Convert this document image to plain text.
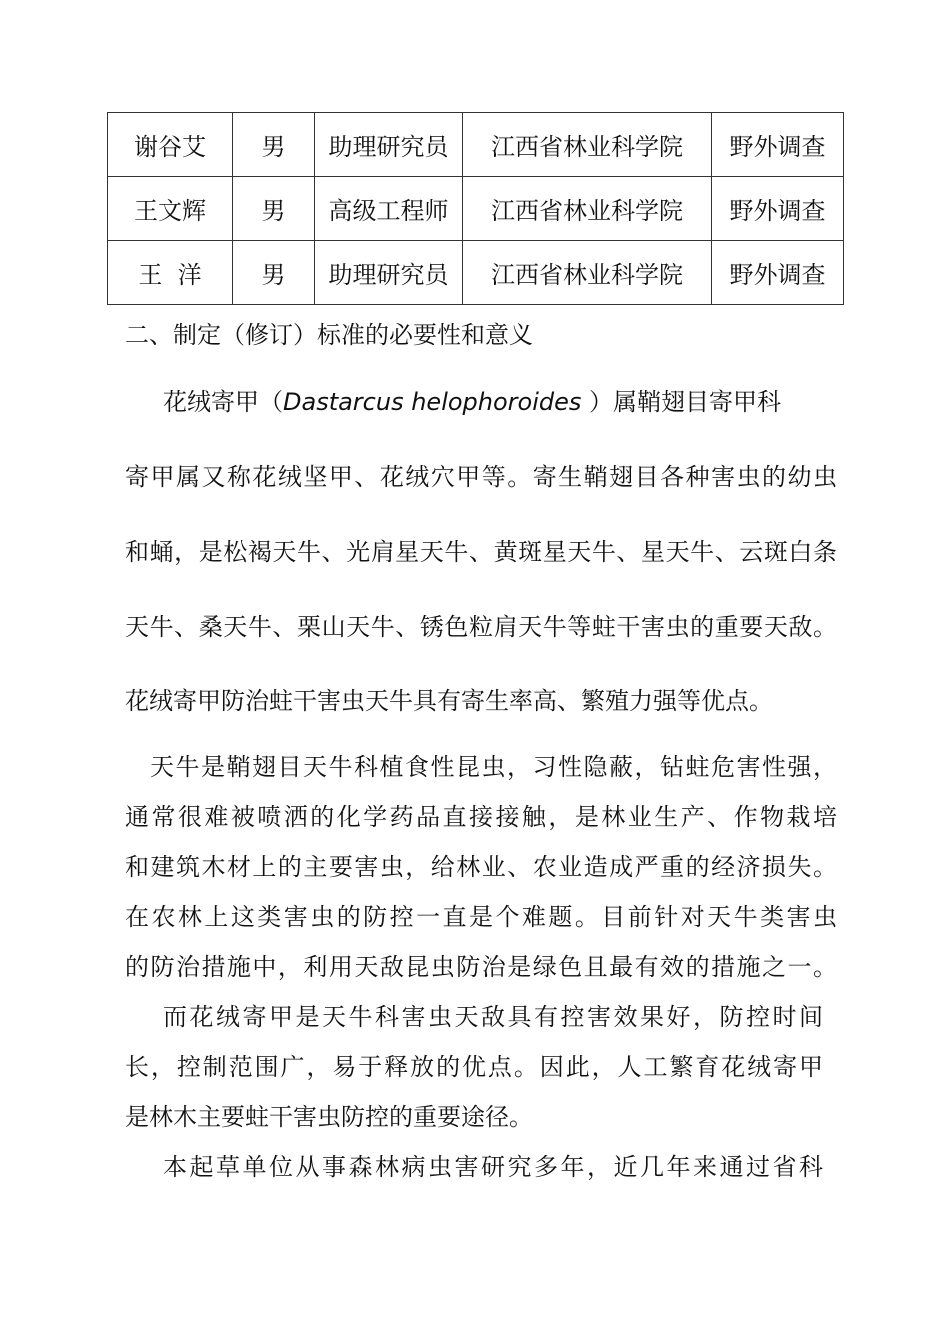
谢谷艾	男	助理研究员	江西省林业科学院	野外调查
王文辉	男	高级工程师	江西省林业科学院	野外调查
王  洋	男	助理研究员	江西省林业科学院	野外调查
二、制定（修订）标准的必要性和意义
花绒寄甲（Dastarcus helophoroides ）属鞘翅目寄甲科
寄甲属又称花绒坚甲、花绒穴甲等。寄生鞘翅目各种害虫的幼虫
和蛹，是松褐天牛、光肩星天牛、黄斑星天牛、星天牛、云斑白条
天牛、桑天牛、栗山天牛、锈色粒肩天牛等蛀干害虫的重要天敌。
花绒寄甲防治蛀干害虫天牛具有寄生率高、繁殖力强等优点。
天牛是鞘翅目天牛科植食性昆虫，习性隐蔽，钻蛀危害性强，
通常很难被喷洒的化学药品直接接触，是林业生产、作物栽培
和建筑木材上的主要害虫，给林业、农业造成严重的经济损失。
在农林上这类害虫的防控一直是个难题。目前针对天牛类害虫
的防治措施中，利用天敌昆虫防治是绿色且最有效的措施之一。
而花绒寄甲是天牛科害虫天敌具有控害效果好，防控时间
长，控制范围广，易于释放的优点。因此，人工繁育花绒寄甲
是林木主要蛀干害虫防控的重要途径。
本起草单位从事森林病虫害研究多年，近几年来通过省科
